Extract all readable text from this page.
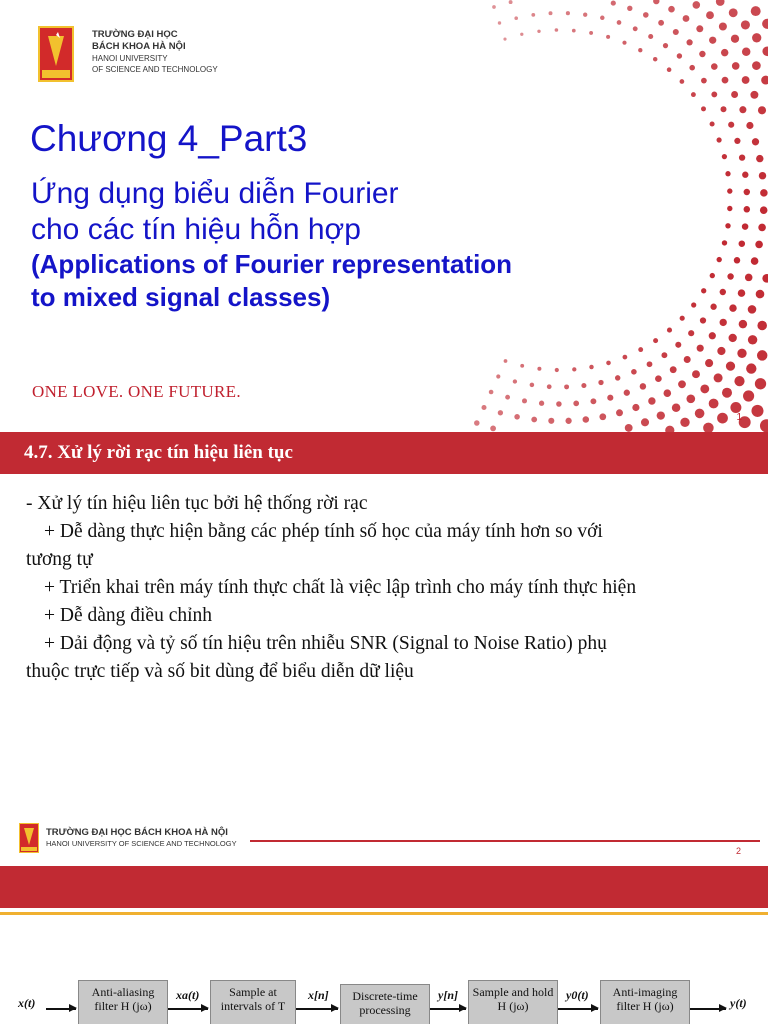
TRƯỜNG ĐẠI HỌC
BÁCH KHOA HÀ NỘI
HANOI UNIVERSITY
OF SCIENCE AND TECHNOLOGY
Chương 4_Part3
Ứng dụng biểu diễn Fourier
cho các tín hiệu hỗn hợp
(Applications of Fourier representation
to mixed signal classes)
ONE LOVE. ONE FUTURE.
1
4.7. Xử lý rời rạc tín hiệu liên tục
- Xử lý tín hiệu liên tục bởi hệ thống rời rạc
+ Dễ dàng thực hiện bằng các phép tính số học của máy tính hơn so với
tương tự
+ Triển khai trên máy tính thực chất là việc lập trình cho máy tính thực hiện
+ Dễ dàng điều chỉnh
+ Dải động và tỷ số tín hiệu trên nhiễu SNR (Signal to Noise Ratio) phụ
thuộc trực tiếp và số bit dùng để biểu diễn dữ liệu
TRƯỜNG ĐẠI HỌC BÁCH KHOA HÀ NỘI
HANOI UNIVERSITY OF SCIENCE AND TECHNOLOGY
2
x(t)
Anti-aliasing filter H (jω)
xa(t)	Sample at intervals of T
x[n]	Discrete-time processing
y[n]	Sample and hold H (jω)
y0(t)	Anti-imaging filter H (jω)	y(t)
